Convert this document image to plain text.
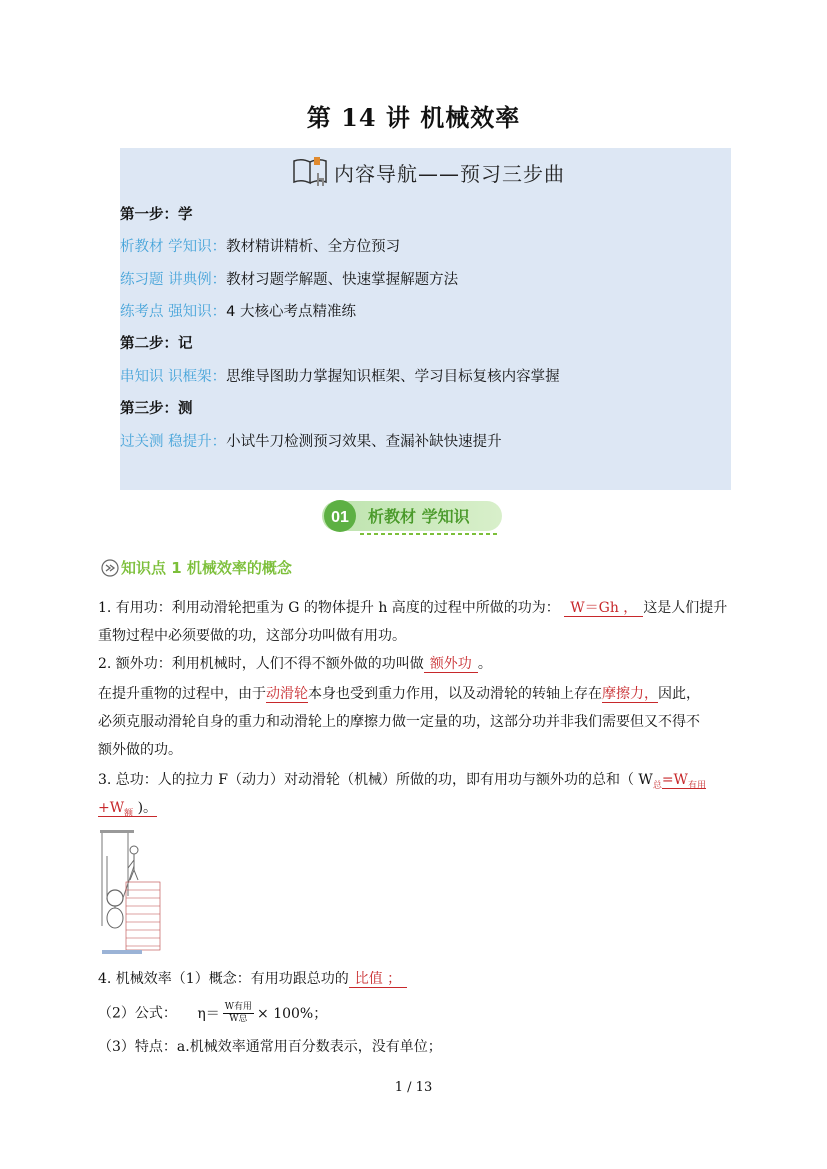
第 14 讲 机械效率
内容导航——预习三步曲
第一步：学
析教材 学知识：教材精讲精析、全方位预习
练习题 讲典例：教材习题学解题、快速掌握解题方法
练考点 强知识：4 大核心考点精准练
第二步：记
串知识 识框架：思维导图助力掌握知识框架、学习目标复核内容掌握
第三步：测
过关测 稳提升：小试牛刀检测预习效果、查漏补缺快速提升
01 析教材 学知识
知识点 1 机械效率的概念
1. 有用功：利用动滑轮把重为 G 的物体提升 h 高度的过程中所做的功为： W＝Gh ， 这是人们提升
重物过程中必须要做的功，这部分功叫做有用功。
2. 额外功：利用机械时，人们不得不额外做的功叫做 额外功 。
在提升重物的过程中，由于动滑轮本身也受到重力作用，以及动滑轮的转轴上存在摩擦力，因此，
必须克服动滑轮自身的重力和动滑轮上的摩擦力做一定量的功，这部分功并非我们需要但又不得不
额外做的功。
3. 总功：人的拉力 F（动力）对动滑轮（机械）所做的功，即有用功与额外功的总和（ $W_总=W_{有用}$
$+W_额$ )。
4. 机械效率（1）概念：有用功跟总功的 比值 ；
（2）公式： $\eta= \frac{\text{W有用}}{\text{W总}} \times 100\%$；
（3）特点：a.机械效率通常用百分数表示，没有单位；
1 / 13
